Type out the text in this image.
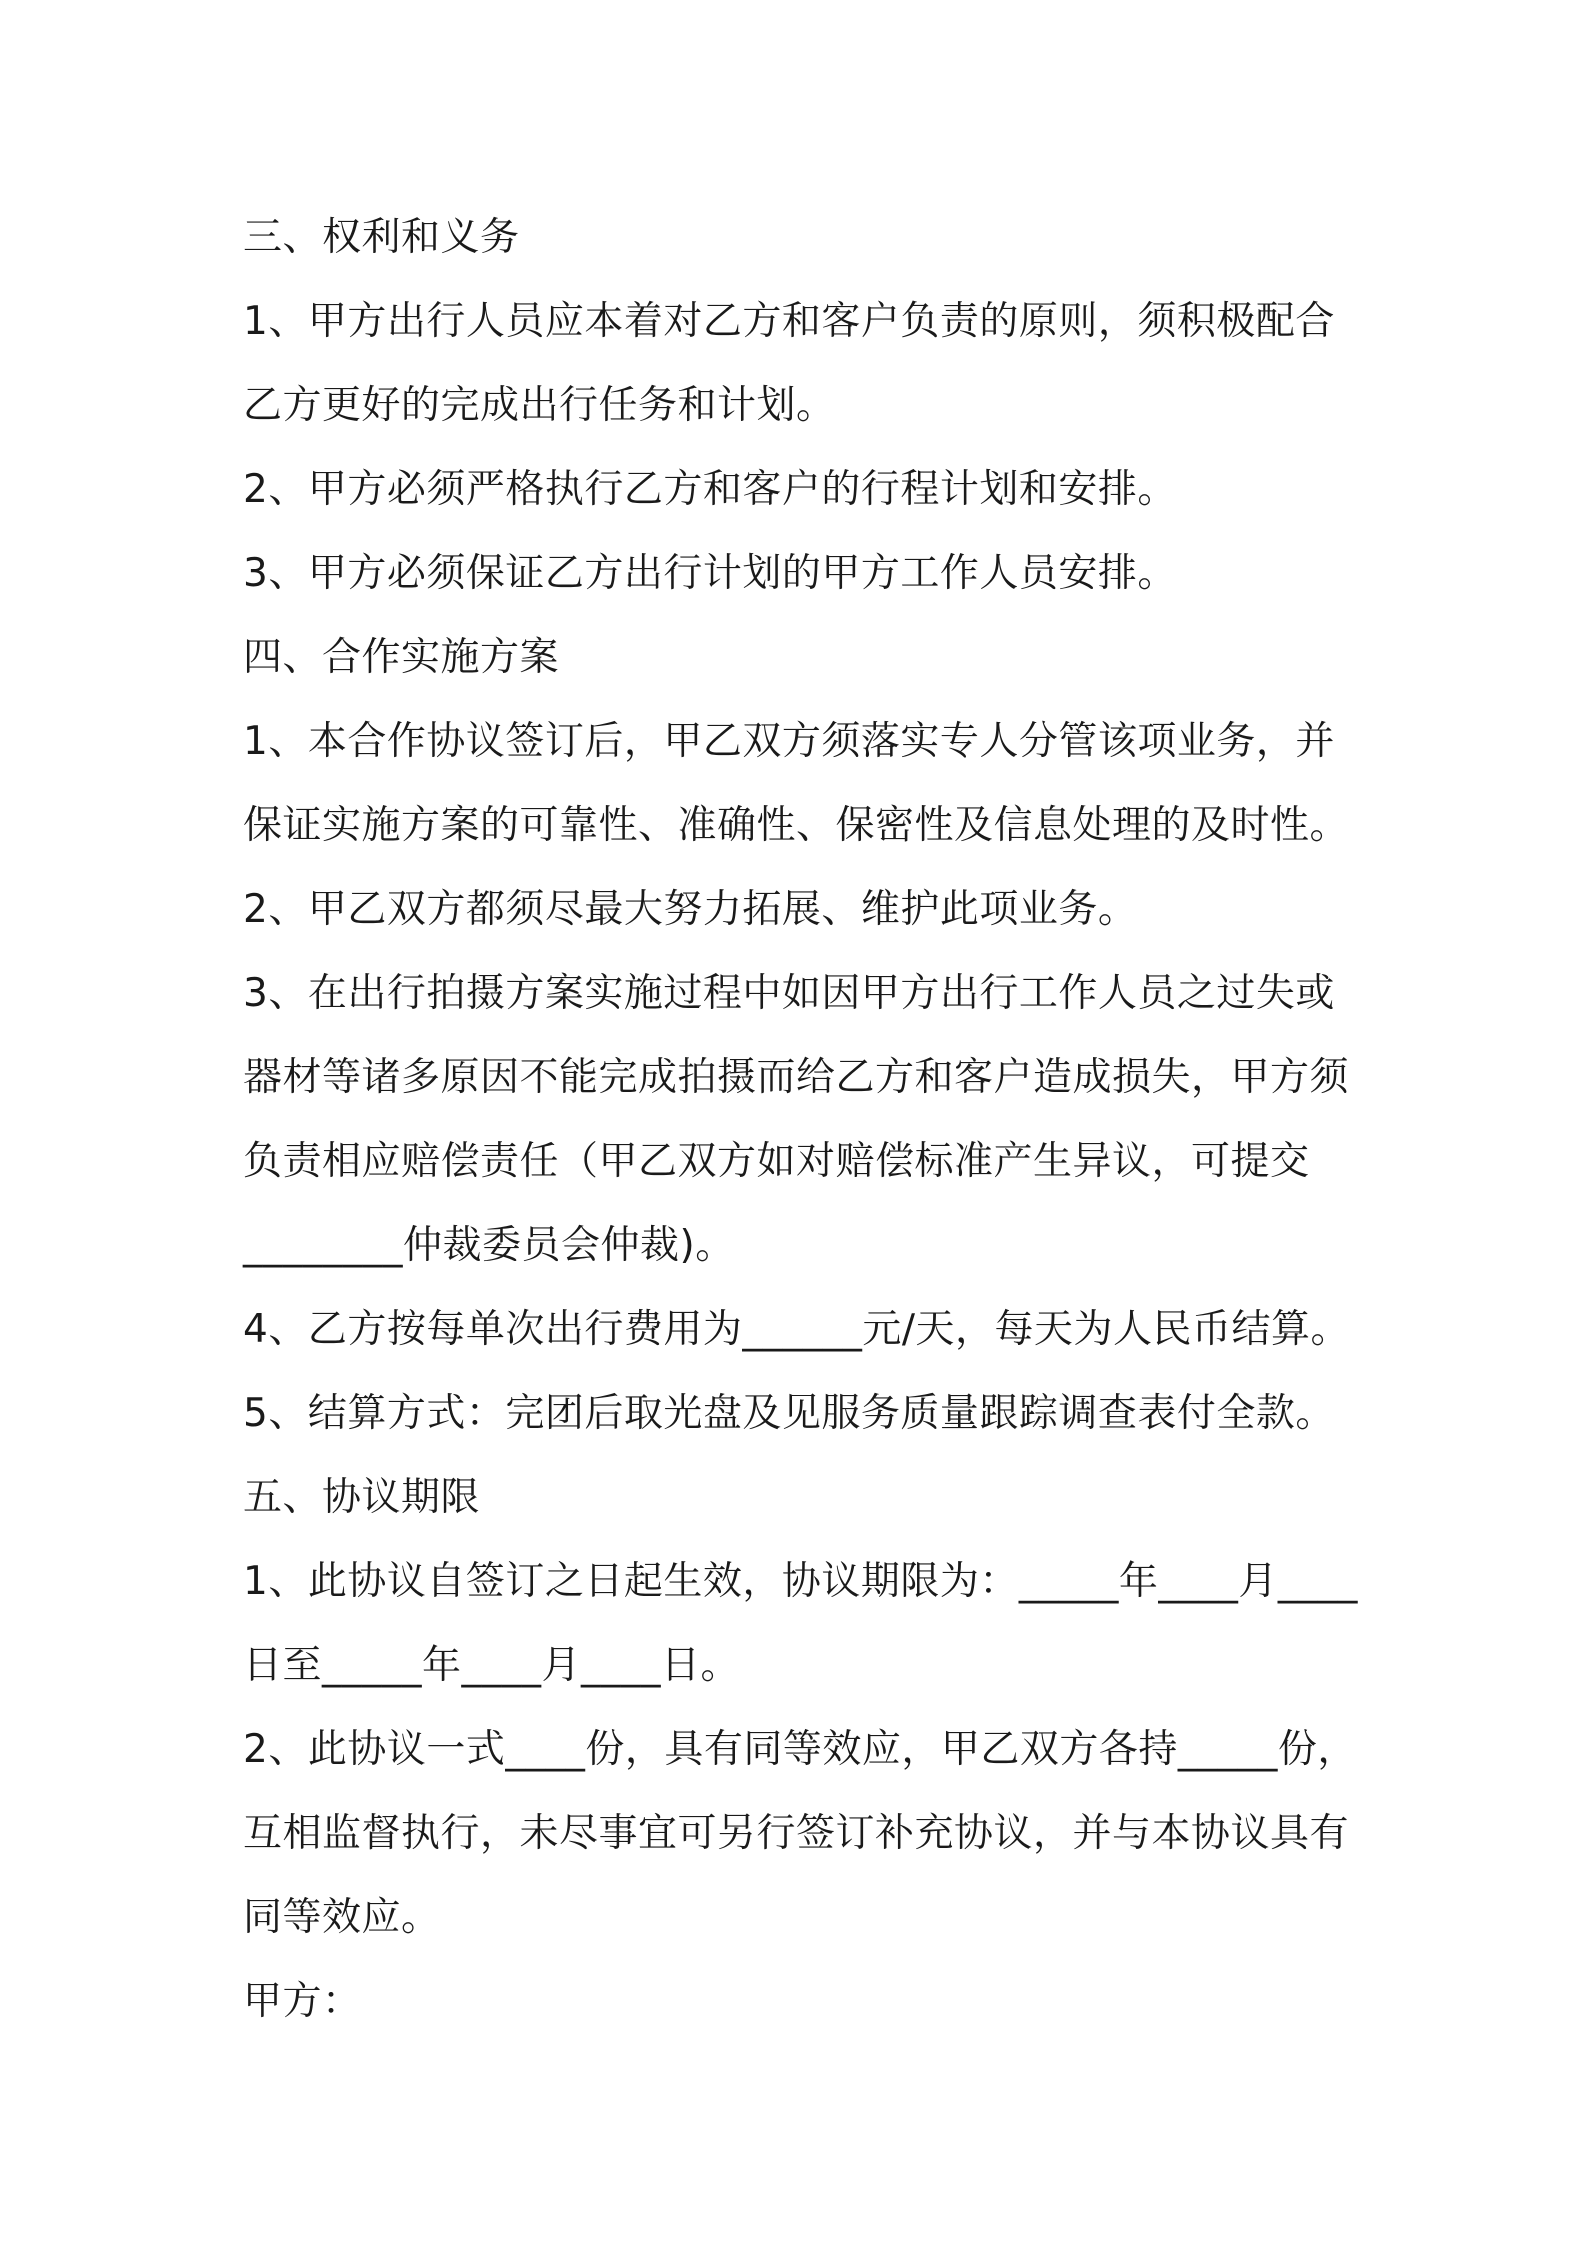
三、权利和义务
1、甲方出行人员应本着对乙方和客户负责的原则，须积极配合
乙方更好的完成出行任务和计划。
2、甲方必须严格执行乙方和客户的行程计划和安排。
3、甲方必须保证乙方出行计划的甲方工作人员安排。
四、合作实施方案
1、本合作协议签订后，甲乙双方须落实专人分管该项业务，并
保证实施方案的可靠性、准确性、保密性及信息处理的及时性。
2、甲乙双方都须尽最大努力拓展、维护此项业务。
3、在出行拍摄方案实施过程中如因甲方出行工作人员之过失或
器材等诸多原因不能完成拍摄而给乙方和客户造成损失，甲方须
负责相应赔偿责任（甲乙双方如对赔偿标准产生异议，可提交
________仲裁委员会仲裁)。
4、乙方按每单次出行费用为______元/天，每天为人民币结算。
5、结算方式：完团后取光盘及见服务质量跟踪调查表付全款。
五、协议期限
1、此协议自签订之日起生效，协议期限为：_____年____月____
日至_____年____月____日。
2、此协议一式____份，具有同等效应，甲乙双方各持_____份，
互相监督执行，未尽事宜可另行签订补充协议，并与本协议具有
同等效应。
甲方：
